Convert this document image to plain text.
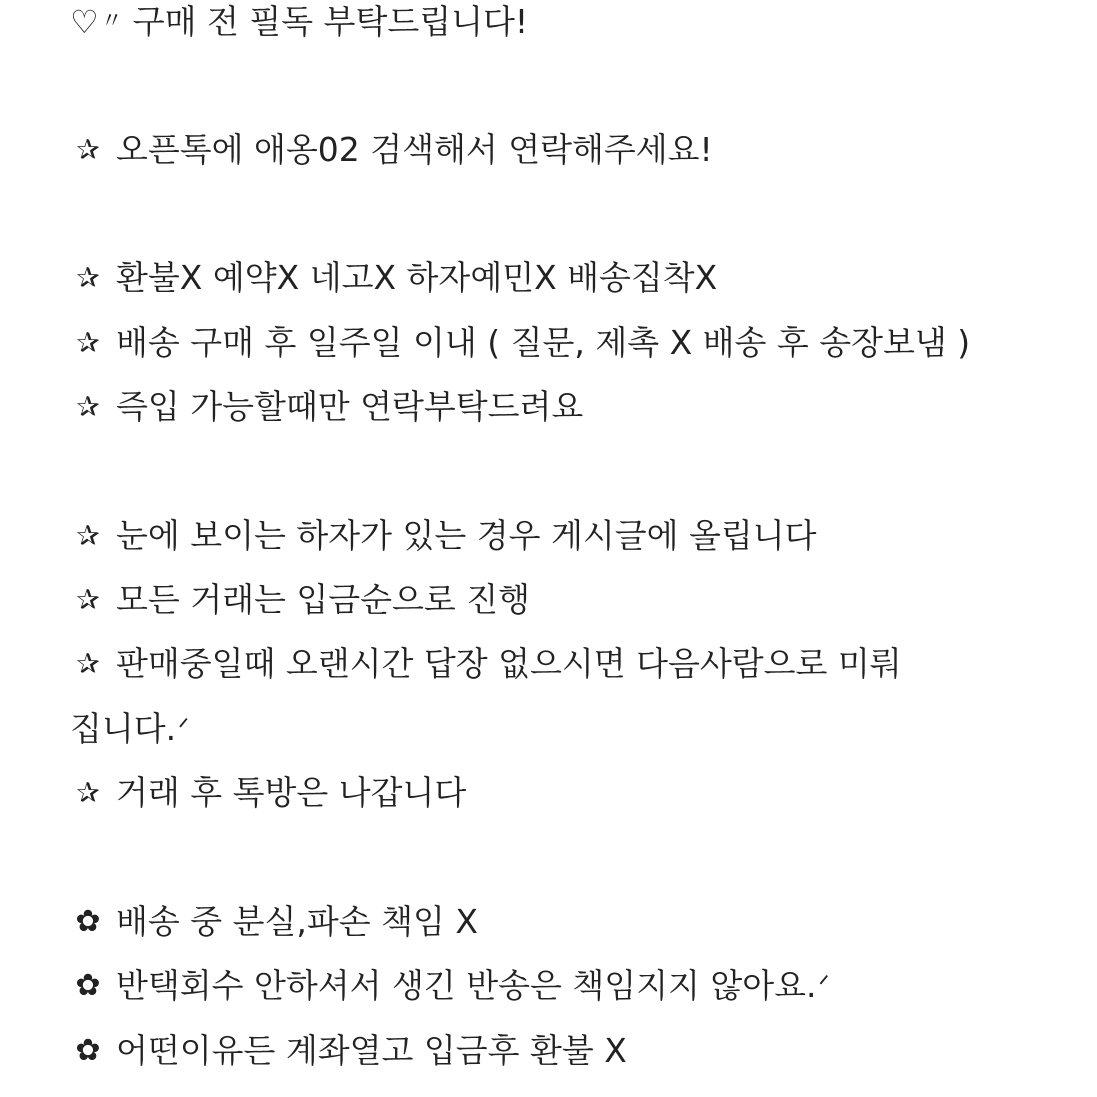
♡ 〃 구매 전 필독 부탁드립니다!
✰ 오픈톡에 애옹02 검색해서 연락해주세요!
✰ 환불X 예약X 네고X 하자예민X 배송집착X
✰ 배송 구매 후 일주일 이내 ( 질문, 제촉 X 배송 후 송장보냄 )
✰ 즉입 가능할때만 연락부탁드려요
✰ 눈에 보이는 하자가 있는 경우 게시글에 올립니다
✰ 모든 거래는 입금순으로 진행
✰ 판매중일때 오랜시간 답장 없으시면 다음사람으로 미뤄
집니다. ᐟ
✰ 거래 후 톡방은 나갑니다
✿ 배송 중 분실,파손 책임 X
✿ 반택회수 안하셔서 생긴 반송은 책임지지 않아요. ᐟ
✿ 어떤이유든 계좌열고 입금후 환불 X
